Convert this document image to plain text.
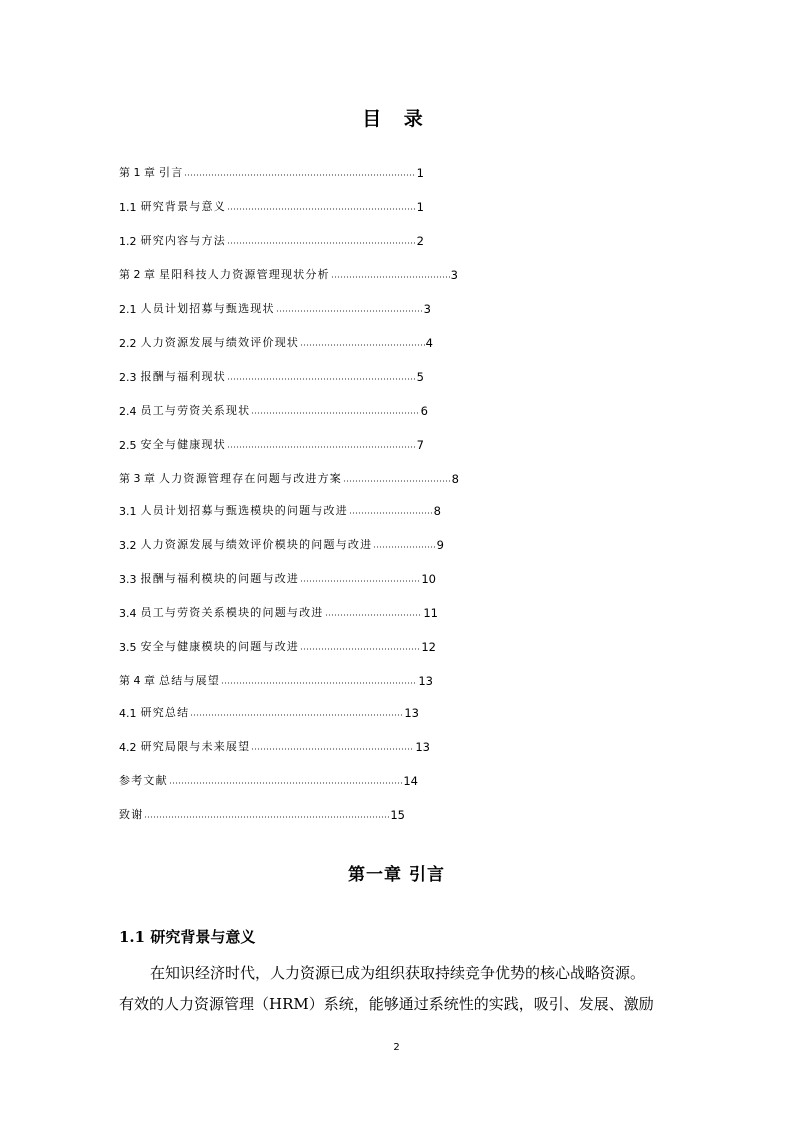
目 录
第 1 章 引言	1
1.1 研究背景与意义	1
1.2 研究内容与方法	2
第 2 章 星阳科技人力资源管理现状分析	3
2.1 人员计划招募与甄选现状	3
2.2 人力资源发展与绩效评价现状	4
2.3 报酬与福利现状	5
2.4 员工与劳资关系现状	6
2.5 安全与健康现状	7
第 3 章 人力资源管理存在问题与改进方案	8
3.1 人员计划招募与甄选模块的问题与改进	8
3.2 人力资源发展与绩效评价模块的问题与改进	9
3.3 报酬与福利模块的问题与改进	10
3.4 员工与劳资关系模块的问题与改进	11
3.5 安全与健康模块的问题与改进	12
第 4 章 总结与展望	13
4.1 研究总结	13
4.2 研究局限与未来展望	13
参考文献	14
致谢	15
第一章 引言
1.1 研究背景与意义
在知识经济时代，人力资源已成为组织获取持续竞争优势的核心战略资源。
有效的人力资源管理（HRM）系统，能够通过系统性的实践，吸引、发展、激励
2
